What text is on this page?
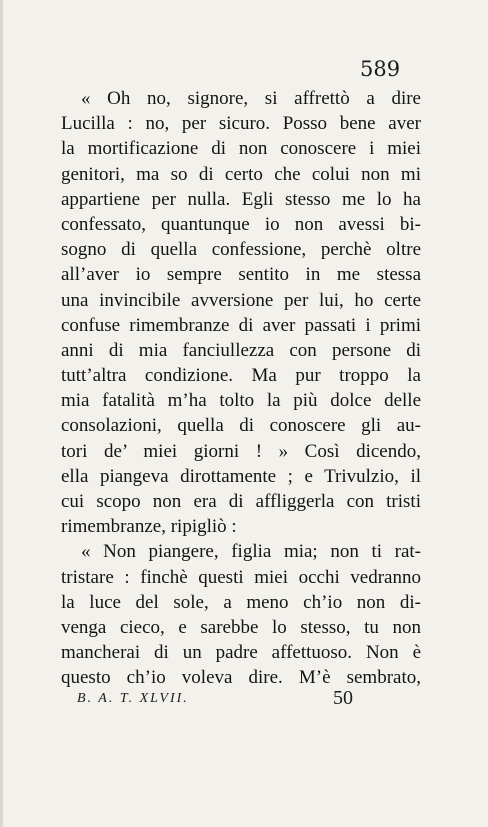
589
« Oh no, signore, si affrettò a dire
Lucilla : no, per sicuro. Posso bene aver
la mortificazione di non conoscere i miei
genitori, ma so di certo che colui non mi
appartiene per nulla. Egli stesso me lo ha
confessato, quantunque io non avessi bi-
sogno di quella confessione, perchè oltre
all’aver io sempre sentito in me stessa
una invincibile avversione per lui, ho certe
confuse rimembranze di aver passati i primi
anni di mia fanciullezza con persone di
tutt’altra condizione. Ma pur troppo la
mia fatalità m’ha tolto la più dolce delle
consolazioni, quella di conoscere gli au-
tori de’ miei giorni ! » Così dicendo,
ella piangeva dirottamente ; e Trivulzio, il
cui scopo non era di affliggerla con tristi
rimembranze, ripigliò :
« Non piangere, figlia mia; non ti rat-
tristare : finchè questi miei occhi vedranno
la luce del sole, a meno ch’io non di-
venga cieco, e sarebbe lo stesso, tu non
mancherai di un padre affettuoso. Non è
questo ch’io voleva dire. M’è sembrato,
B. A. T. XLVII.	50
